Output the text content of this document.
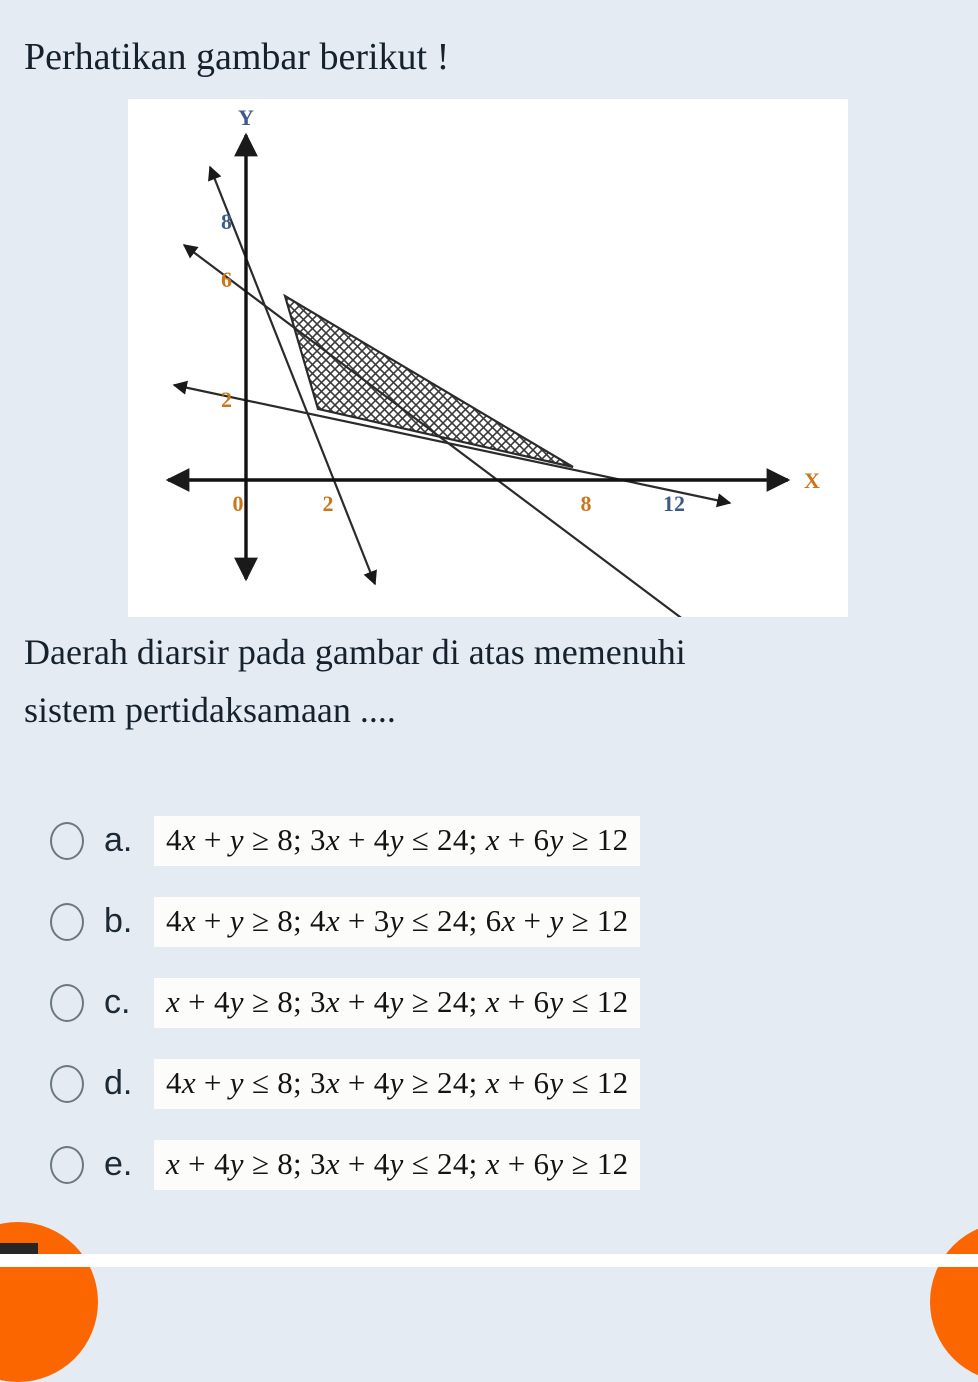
Perhatikan gambar berikut !
Y
X
8
6
2
0	2	8	12
Daerah diarsir pada gambar di atas memenuhi
sistem pertidaksamaan ....
a.	4x + y ≥ 8; 3x + 4y ≤ 24; x + 6y ≥ 12
b.	4x + y ≥ 8; 4x + 3y ≤ 24; 6x + y ≥ 12
c.	x + 4y ≥ 8; 3x + 4y ≥ 24; x + 6y ≤ 12
d.	4x + y ≤ 8; 3x + 4y ≥ 24; x + 6y ≤ 12
e.	x + 4y ≥ 8; 3x + 4y ≤ 24; x + 6y ≥ 12
